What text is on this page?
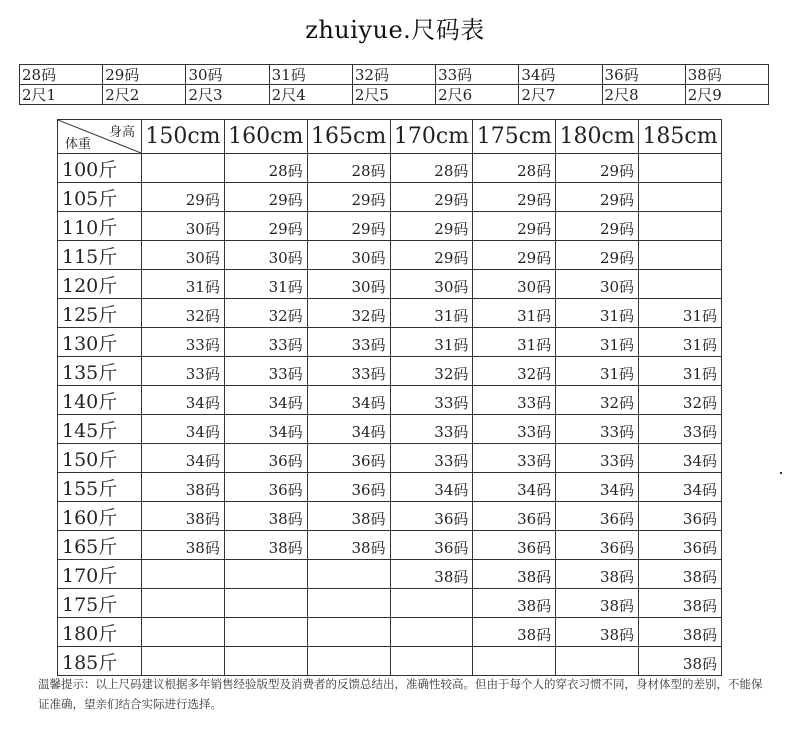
zhuiyue.尺码表
28码	29码	30码	31码	32码	33码	34码	36码	38码
2尺1	2尺2	2尺3	2尺4	2尺5	2尺6	2尺7	2尺8	2尺9
身高
体重	150cm	160cm	165cm	170cm	175cm	180cm	185cm
100斤		28码	28码	28码	28码	29码	
105斤	29码	29码	29码	29码	29码	29码	
110斤	30码	29码	29码	29码	29码	29码	
115斤	30码	30码	30码	29码	29码	29码	
120斤	31码	31码	30码	30码	30码	30码	
125斤	32码	32码	32码	31码	31码	31码	31码
130斤	33码	33码	33码	31码	31码	31码	31码
135斤	33码	33码	33码	32码	32码	31码	31码
140斤	34码	34码	34码	33码	33码	32码	32码
145斤	34码	34码	34码	33码	33码	33码	33码
150斤	34码	36码	36码	33码	33码	33码	34码
155斤	38码	36码	36码	34码	34码	34码	34码
160斤	38码	38码	38码	36码	36码	36码	36码
165斤	38码	38码	38码	36码	36码	36码	36码
170斤				38码	38码	38码	38码
175斤					38码	38码	38码
180斤					38码	38码	38码
185斤							38码
温馨提示：以上尺码建议根据多年销售经验版型及消费者的反馈总结出，准确性较高。但由于每个人的穿衣习惯不同，身材体型的差别，不能保证准确，望亲们结合实际进行选择。
